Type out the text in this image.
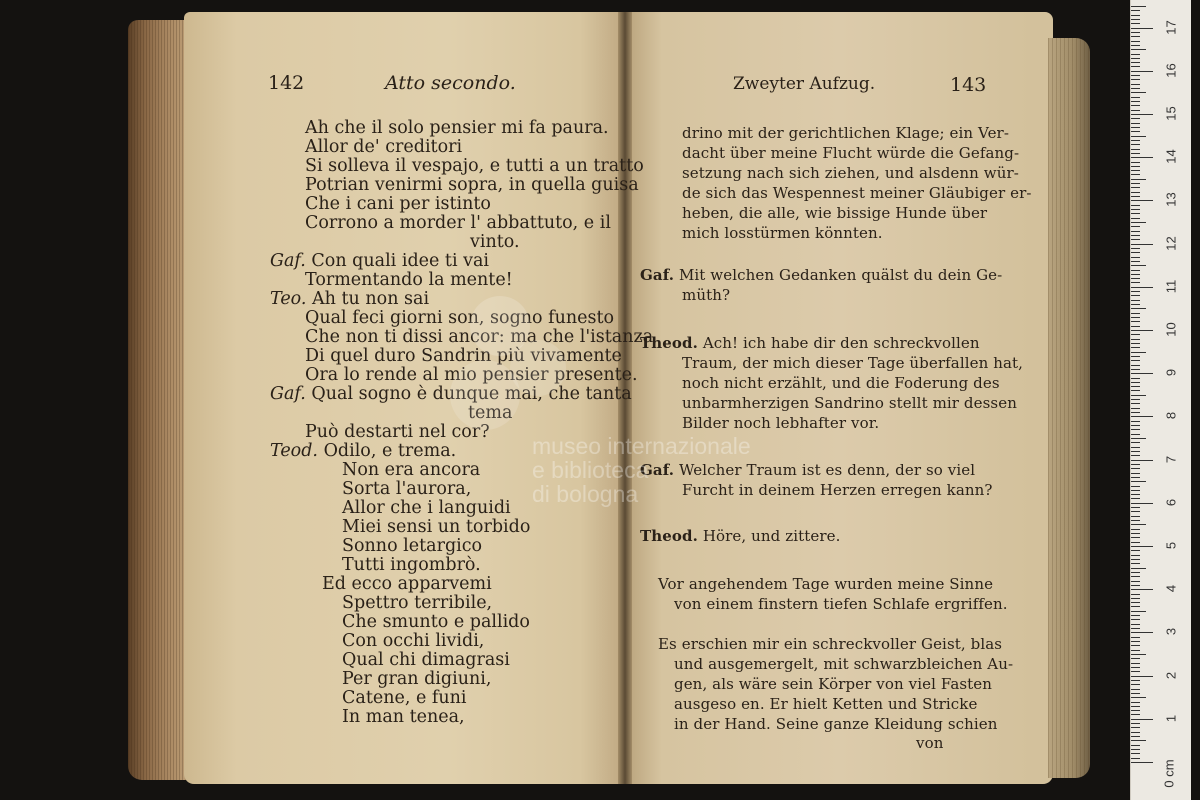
142	Atto secondo.	Zweyter Aufzug.	143
Ah che il solo pensier mi fa paura.
Allor de' creditori
Si solleva il vespajo, e tutti a un tratto
Potrian venirmi sopra, in quella guisa
Che i cani per istinto
Corrono a morder l' abbattuto, e il
vinto.
Gaf. Con quali idee ti vai
Tormentando la mente!
Teo. Ah tu non sai
Qual feci giorni son, sogno funesto
Che non ti dissi ancor: ma che l'istanza
Di quel duro Sandrin più vivamente
Ora lo rende al mio pensier presente.
Gaf. Qual sogno è dunque mai, che tanta
tema
Può destarti nel cor?
Teod. Odilo, e trema.
Non era ancora
Sorta l'aurora,
Allor che i languidi
Miei sensi un torbido
Sonno letargico
Tutti ingombrò.
Ed ecco apparvemi
Spettro terribile,
Che smunto e pallido
Con occhi lividi,
Qual chi dimagrasi
Per gran digiuni,
Catene, e funi
In man tenea,
drino mit der gerichtlichen Klage; ein Ver-
dacht über meine Flucht würde die Gefang-
setzung nach sich ziehen, und alsdenn wür-
de sich das Wespennest meiner Gläubiger er-
heben, die alle, wie bissige Hunde über
mich losstürmen könnten.
Gaf. Mit welchen Gedanken quälst du dein Ge-
müth?
Theod. Ach! ich habe dir den schreckvollen
Traum, der mich dieser Tage überfallen hat,
noch nicht erzählt, und die Foderung des
unbarmherzigen Sandrino stellt mir dessen
Bilder noch lebhafter vor.
Gaf. Welcher Traum ist es denn, der so viel
Furcht in deinem Herzen erregen kann?
Theod. Höre, und zittere.
Vor angehendem Tage wurden meine Sinne
von einem finstern tiefen Schlafe ergriffen.
Es erschien mir ein schreckvoller Geist, blas
und ausgemergelt, mit schwarzbleichen Au-
gen, als wäre sein Körper von viel Fasten
ausgeso en. Er hielt Ketten und Stricke
in der Hand. Seine ganze Kleidung schien
von
museo internazionale
e biblioteca
di bologna
0 cm
1
2
3
4
5
6
7
8
9
10
11
12
13
14
15
16
17
